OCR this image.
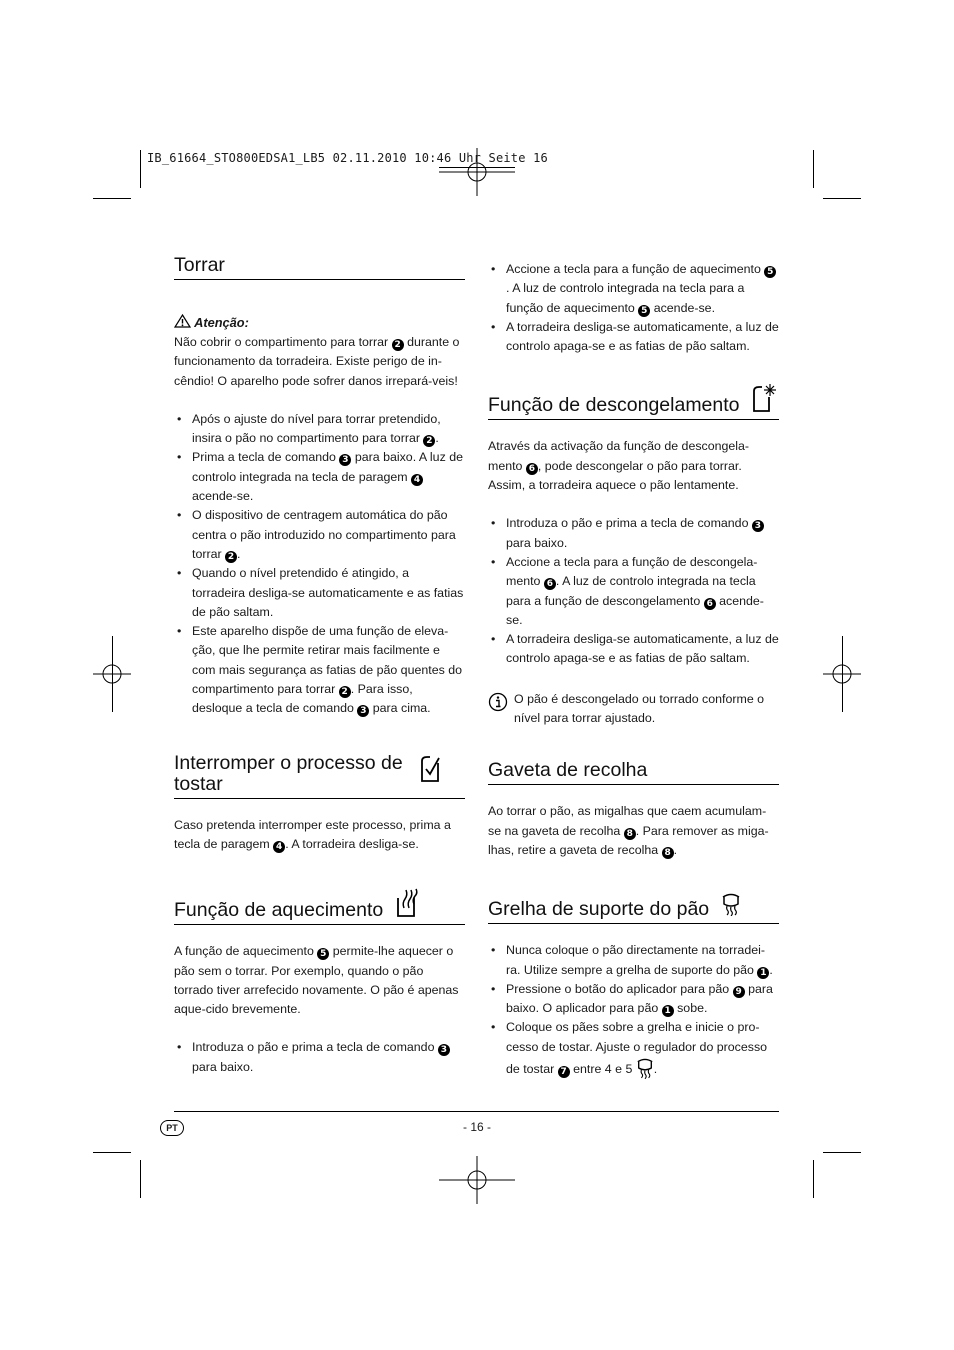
IB_61664_STO800EDSA1_LB5 02.11.2010 10:46 Uhr Seite 16
Torrar
Atenção:

Não cobrir o compartimento para torrar 2 durante o funcionamento da torradeira. Existe perigo de in-cêndio! O aparelho pode sofrer danos irrepará-veis!

• Após o ajuste do nível para torrar pretendido, insira o pão no compartimento para torrar 2 .
• Prima a tecla de comando 3 para baixo. A luz de controlo integrada na tecla de paragem 4 acende-se.
• O dispositivo de centragem automática do pão centra o pão introduzido no compartimento para torrar 2 .
• Quando o nível pretendido é atingido, a torradeira desliga-se automaticamente e as fatias de pão saltam.
• Este aparelho dispõe de uma função de eleva-ção, que lhe permite retirar mais facilmente e com mais segurança as fatias de pão quentes do compartimento para torrar 2 . Para isso, desloque a tecla de comando 3 para cima.
Interromper o processo de tostar

Caso pretenda interromper este processo, prima a tecla de paragem 4 . A torradeira desliga-se.

Função de aquecimento

A função de aquecimento 5 permite-lhe aquecer o pão sem o torrar. Por exemplo, quando o pão torrado tiver arrefecido novamente. O pão é apenas aque-cido brevemente.

• Introduza o pão e prima a tecla de comando 3 para baixo.
• Accione a tecla para a função de aquecimento 5. A luz de controlo integrada na tecla para a função de aquecimento 5 acende-se.
• A torradeira desliga-se automaticamente, a luz de controlo apaga-se e as fatias de pão saltam.
Função de descongelamento

Através da activação da função de descongela-mento 6 , pode descongelar o pão para torrar. Assim, a torradeira aquece o pão lentamente.

• Introduza o pão e prima a tecla de comando 3 para baixo.
• Accione a tecla para a função de descongela-mento 6 . A luz de controlo integrada na tecla para a função de descongelamento 6 acende-se.
• A torradeira desliga-se automaticamente, a luz de controlo apaga-se e as fatias de pão saltam.

O pão é descongelado ou torrado conforme o nível para torrar ajustado.

Gaveta de recolha

Ao torrar o pão, as migalhas que caem acumulam-se na gaveta de recolha 8 . Para remover as miga-lhas, retire a gaveta de recolha 8 .

Grelha de suporte do pão
• Nunca coloque o pão directamente na torradei-ra. Utilize sempre a grelha de suporte do pão 1 .
• Pressione o botão do aplicador para pão 9 para baixo. O aplicador para pão 1 sobe.
• Coloque os pães sobre a grelha e inicie o pro-cesso de tostar. Ajuste o regulador do processo de tostar 7 entre 4 e 5 .
PT	- 16 -
